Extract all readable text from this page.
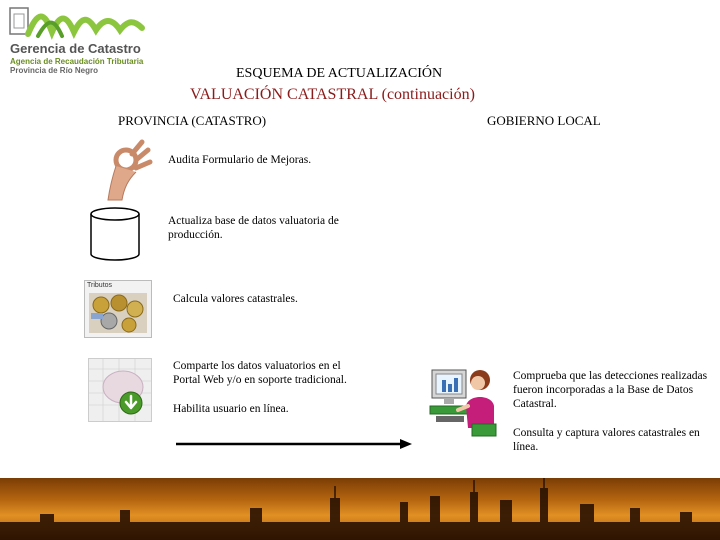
Gerencia de Catastro
Agencia de Recaudación Tributaria
Provincia de Río Negro	ESQUEMA DE ACTUALIZACIÓN
VALUACIÓN CATASTRAL (continuación)
PROVINCIA (CATASTRO)	GOBIERNO LOCAL
Audita Formulario de Mejoras.
Actualiza base de datos valuatoria de producción.
Tributos
Calcula valores catastrales.
Comparte los datos valuatorios en el Portal Web y/o en soporte tradicional.
Habilita usuario en línea.
Comprueba que las detecciones realizadas fueron incorporadas a la Base de Datos Catastral.
Consulta y captura valores catastrales en línea.
